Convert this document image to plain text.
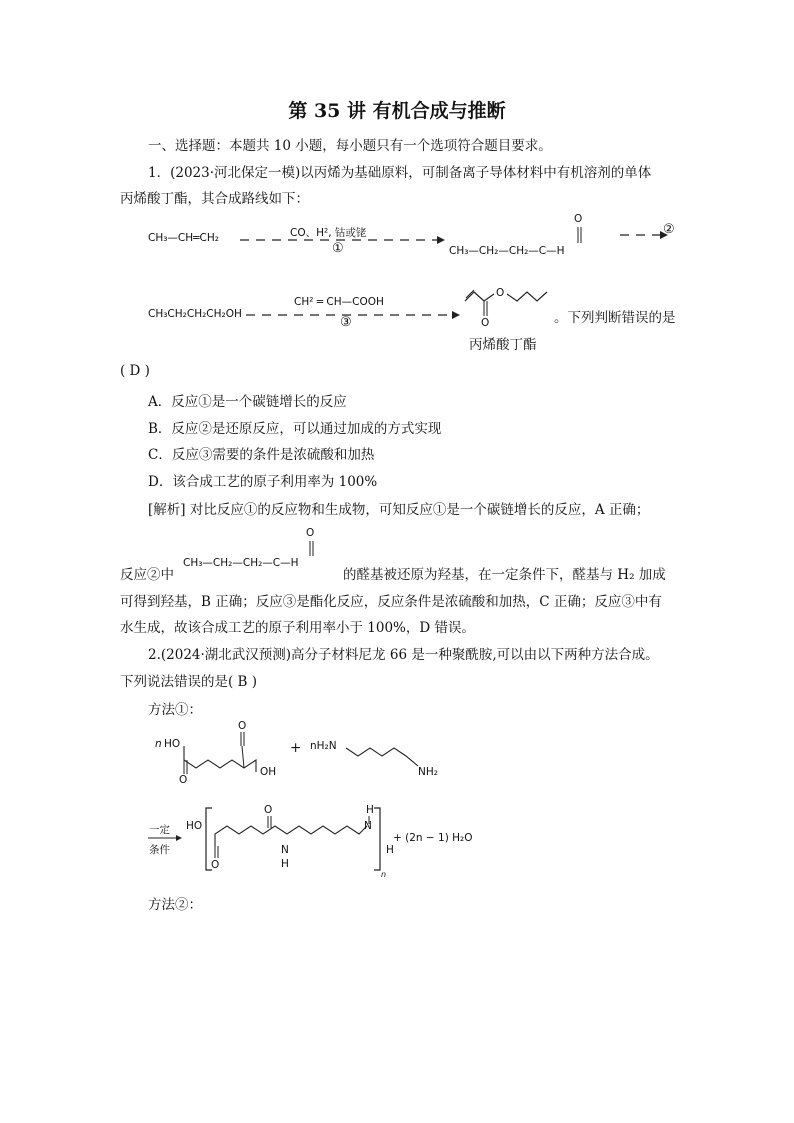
第 35 讲 有机合成与推断
一、选择题：本题共 10 小题，每小题只有一个选项符合题目要求。
1．(2023·河北保定一模)以丙烯为基础原料，可制备离子导体材料中有机溶剂的单体
丙烯酸丁酯，其合成路线如下：
CH₃—CH═CH₂	CO、H², 钴或铑
①
O
CH₃—CH₂—CH₂—C—H
②
CH₃CH₂CH₂CH₂OH
CH² ═ CH—COOH
③
O
O
丙烯酸丁酯
。下列判断错误的是
( D )
A．反应①是一个碳链增长的反应
B．反应②是还原反应，可以通过加成的方式实现
C．反应③需要的条件是浓硫酸和加热
D．该合成工艺的原子利用率为 100%
[解析] 对比反应①的反应物和生成物，可知反应①是一个碳链增长的反应，A 正确；
反应②中
O
CH₃—CH₂—CH₂—C—H
的醛基被还原为羟基，在一定条件下，醛基与 H₂ 加成
可得到羟基，B 正确；反应③是酯化反应，反应条件是浓硫酸和加热，C 正确；反应③中有
水生成，故该合成工艺的原子利用率小于 100%，D 错误。
2.(2024·湖北武汉预测)高分子材料尼龙 66 是一种聚酰胺,可以由以下两种方法合成。
下列说法错误的是( B )
方法①：
n HO
O
O
OH
+ nH₂N
NH₂
一定
条件
HO
O
O
N
H
H
N
H
n
+ (2n − 1) H₂O
方法②：
